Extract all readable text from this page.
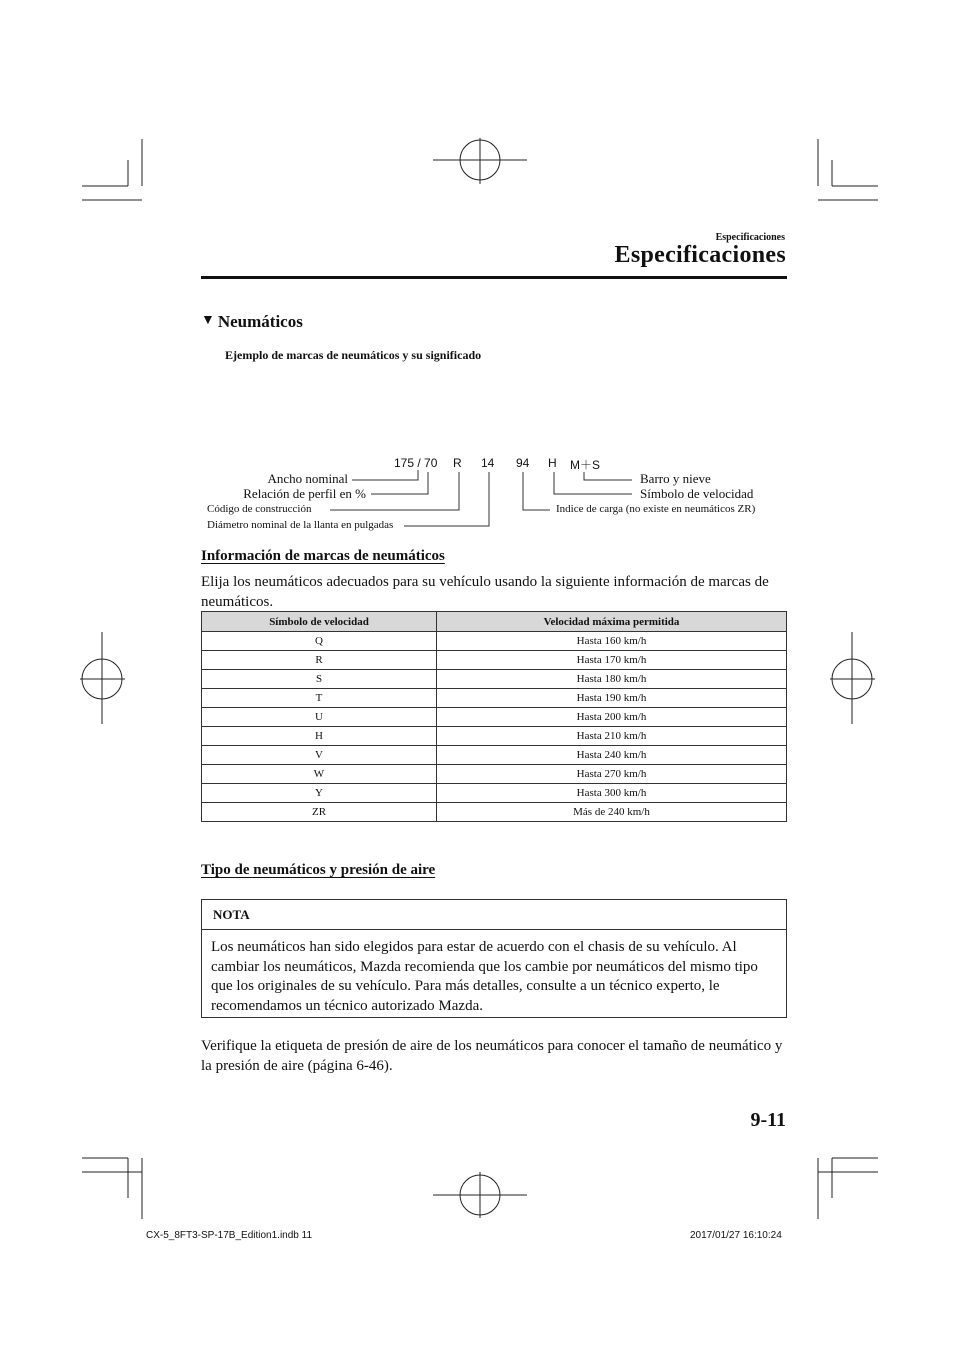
Especificaciones
Especificaciones
▼ Neumáticos
Ejemplo de marcas de neumáticos y su significado
175 / 70 R 14 94 H M＋S
Ancho nominal
Relación de perfil en %
Código de construcción
Diámetro nominal de la llanta en pulgadas
Barro y nieve
Símbolo de velocidad
Indice de carga (no existe en neumáticos ZR)
Información de marcas de neumáticos
Elija los neumáticos adecuados para su vehículo usando la siguiente información de marcas de neumáticos.
Símbolo de velocidad	Velocidad máxima permitida
Q	Hasta 160 km/h
R	Hasta 170 km/h
S	Hasta 180 km/h
T	Hasta 190 km/h
U	Hasta 200 km/h
H	Hasta 210 km/h
V	Hasta 240 km/h
W	Hasta 270 km/h
Y	Hasta 300 km/h
ZR	Más de 240 km/h
Tipo de neumáticos y presión de aire
NOTA
Los neumáticos han sido elegidos para estar de acuerdo con el chasis de su vehículo. Al cambiar los neumáticos, Mazda recomienda que los cambie por neumáticos del mismo tipo que los originales de su vehículo. Para más detalles, consulte a un técnico experto, le recomendamos un técnico autorizado Mazda.
Verifique la etiqueta de presión de aire de los neumáticos para conocer el tamaño de neumático y la presión de aire (página 6-46).
9-11
CX-5_8FT3-SP-17B_Edition1.indb 11	2017/01/27 16:10:24
